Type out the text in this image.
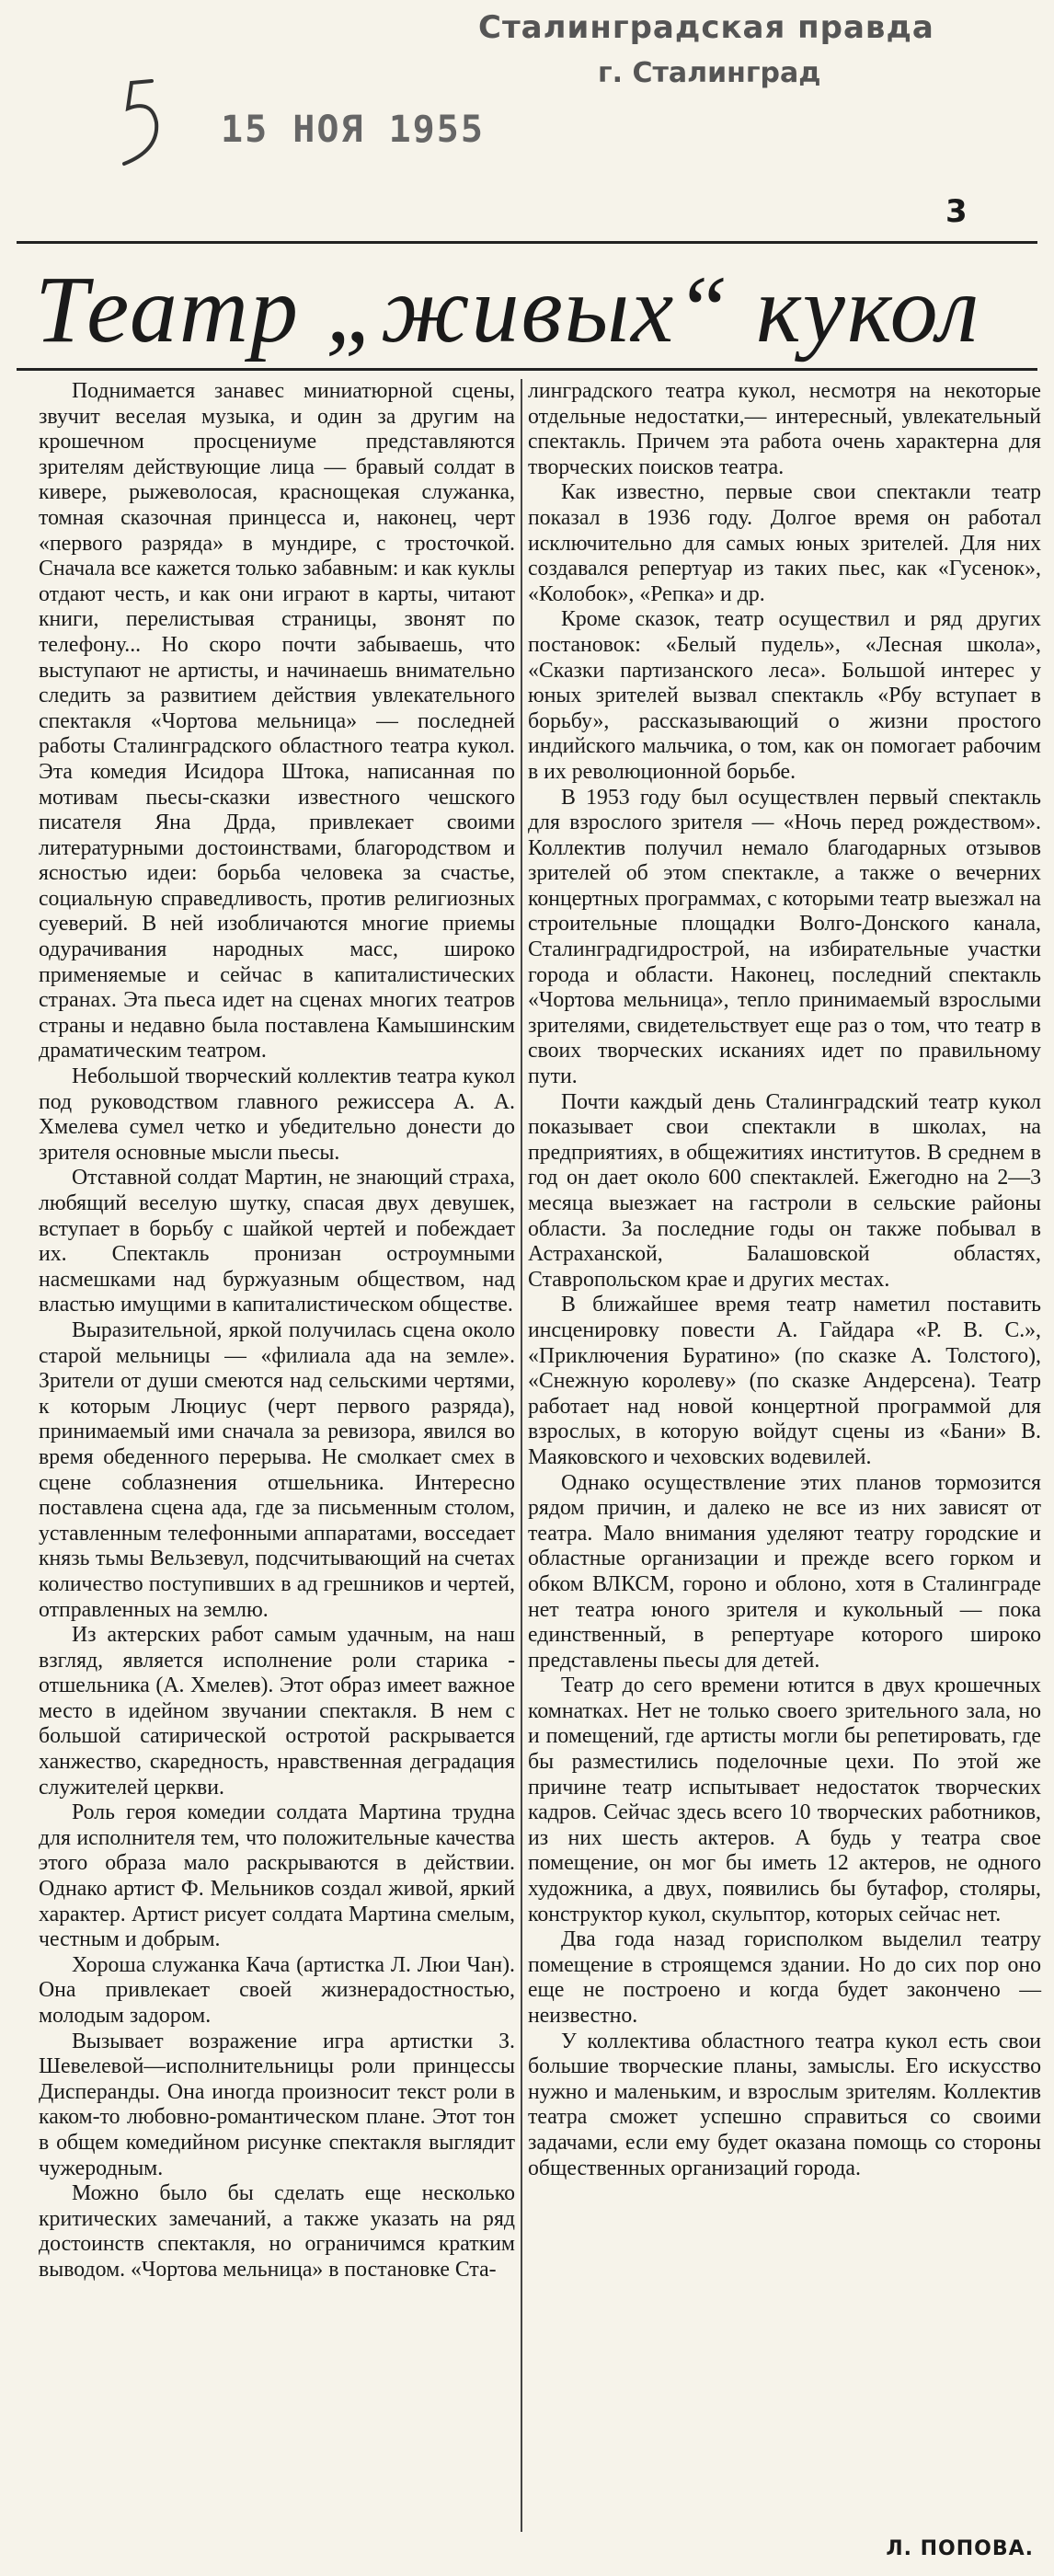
Сталинградская правда
г. Сталинград
15 НОЯ 1955
3
Театр „живых“ кукол

Поднимается занавес миниатюрной сцены, звучит веселая музыка, и один за другим на крошечном просцениуме представляются зрителям действующие лица — бравый солдат в кивере, рыжеволосая, краснощекая служанка, томная сказочная принцесса и, наконец, черт «первого разряда» в мундире, с тросточкой. Сначала все кажется только забавным: и как куклы отдают честь, и как они играют в карты, читают книги, перелистывая страницы, звонят по телефону... Но скоро почти забываешь, что выступают не артисты, и начинаешь внимательно следить за развитием действия увлекательного спектакля «Чортова мельница» — последней работы Сталинградского областного театра кукол. Эта комедия Исидора Штока, написанная по мотивам пьесы-сказки известного чешского писателя Яна Дрда, привлекает своими литературными достоинствами, благородством и ясностью идеи: борьба человека за счастье, социальную справедливость, против религиозных суеверий. В ней изобличаются многие приемы одурачивания народных масс, широко применяемые и сейчас в капиталистических странах. Эта пьеса идет на сценах многих театров страны и недавно была поставлена Камышинским драматическим театром.

Небольшой творческий коллектив театра кукол под руководством главного режиссера А. А. Хмелева сумел четко и убедительно донести до зрителя основные мысли пьесы.

Отставной солдат Мартин, не знающий страха, любящий веселую шутку, спасая двух девушек, вступает в борьбу с шайкой чертей и побеждает их. Спектакль пронизан остроумными насмешками над буржуазным обществом, над властью имущими в капиталистическом обществе.

Выразительной, яркой получилась сцена около старой мельницы — «филиала ада на земле». Зрители от души смеются над сельскими чертями, к которым Люциус (черт первого разряда), принимаемый ими сначала за ревизора, явился во время обеденного перерыва. Не смолкает смех в сцене соблазнения отшельника. Интересно поставлена сцена ада, где за письменным столом, уставленным телефонными аппаратами, восседает князь тьмы Вельзевул, подсчитывающий на счетах количество поступивших в ад грешников и чертей, отправленных на землю.

Из актерских работ самым удачным, на наш взгляд, является исполнение роли старика - отшельника (А. Хмелев). Этот образ имеет важное место в идейном звучании спектакля. В нем с большой сатирической остротой раскрывается ханжество, скаредность, нравственная деградация служителей церкви.

Роль героя комедии солдата Мартина трудна для исполнителя тем, что положительные качества этого образа мало раскрываются в действии. Однако артист Ф. Мельников создал живой, яркий характер. Артист рисует солдата Мартина смелым, честным и добрым.

Хороша служанка Кача (артистка Л. Люи Чан). Она привлекает своей жизнерадостностью, молодым задором.

Вызывает возражение игра артистки З. Шевелевой—исполнительницы роли принцессы Дисперанды. Она иногда произносит текст роли в каком-то любовно-романтическом плане. Этот тон в общем комедийном рисунке спектакля выглядит чужеродным.

Можно было бы сделать еще несколько критических замечаний, а также указать на ряд достоинств спектакля, но ограничимся кратким выводом. «Чортова мельница» в постановке Ста-

линградского театра кукол, несмотря на некоторые отдельные недостатки,— интересный, увлекательный спектакль. Причем эта работа очень характерна для творческих поисков театра.

Как известно, первые свои спектакли театр показал в 1936 году. Долгое время он работал исключительно для самых юных зрителей. Для них создавался репертуар из таких пьес, как «Гусенок», «Колобок», «Репка» и др.

Кроме сказок, театр осуществил и ряд других постановок: «Белый пудель», «Лесная школа», «Сказки партизанского леса». Большой интерес у юных зрителей вызвал спектакль «Рбу вступает в борьбу», рассказывающий о жизни простого индийского мальчика, о том, как он помогает рабочим в их революционной борьбе.

В 1953 году был осуществлен первый спектакль для взрослого зрителя — «Ночь перед рождеством». Коллектив получил немало благодарных отзывов зрителей об этом спектакле, а также о вечерних концертных программах, с которыми театр выезжал на строительные площадки Волго-Донского канала, Сталинградгидрострой, на избирательные участки города и области. Наконец, последний спектакль «Чортова мельница», тепло принимаемый взрослыми зрителями, свидетельствует еще раз о том, что театр в своих творческих исканиях идет по правильному пути.

Почти каждый день Сталинградский театр кукол показывает свои спектакли в школах, на предприятиях, в общежитиях институтов. В среднем в год он дает около 600 спектаклей. Ежегодно на 2—3 месяца выезжает на гастроли в сельские районы области. За последние годы он также побывал в Астраханской, Балашовской областях, Ставропольском крае и других местах.

В ближайшее время театр наметил поставить инсценировку повести А. Гайдара «Р. В. С.», «Приключения Буратино» (по сказке А. Толстого), «Снежную королеву» (по сказке Андерсена). Театр работает над новой концертной программой для взрослых, в которую войдут сцены из «Бани» В. Маяковского и чеховских водевилей.

Однако осуществление этих планов тормозится рядом причин, и далеко не все из них зависят от театра. Мало внимания уделяют театру городские и областные организации и прежде всего горком и обком ВЛКСМ, гороно и облоно, хотя в Сталинграде нет театра юного зрителя и кукольный — пока единственный, в репертуаре которого широко представлены пьесы для детей.

Театр до сего времени ютится в двух крошечных комнатках. Нет не только своего зрительного зала, но и помещений, где артисты могли бы репетировать, где бы разместились поделочные цехи. По этой же причине театр испытывает недостаток творческих кадров. Сейчас здесь всего 10 творческих работников, из них шесть актеров. А будь у театра свое помещение, он мог бы иметь 12 актеров, не одного художника, а двух, появились бы бутафор, столяры, конструктор кукол, скульптор, которых сейчас нет.

Два года назад горисполком выделил театру помещение в строящемся здании. Но до сих пор оно еще не построено и когда будет закончено — неизвестно.

У коллектива областного театра кукол есть свои большие творческие планы, замыслы. Его искусство нужно и маленьким, и взрослым зрителям. Коллектив театра сможет успешно справиться со своими задачами, если ему будет оказана помощь со стороны общественных организаций города.

Л. ПОПОВА.
